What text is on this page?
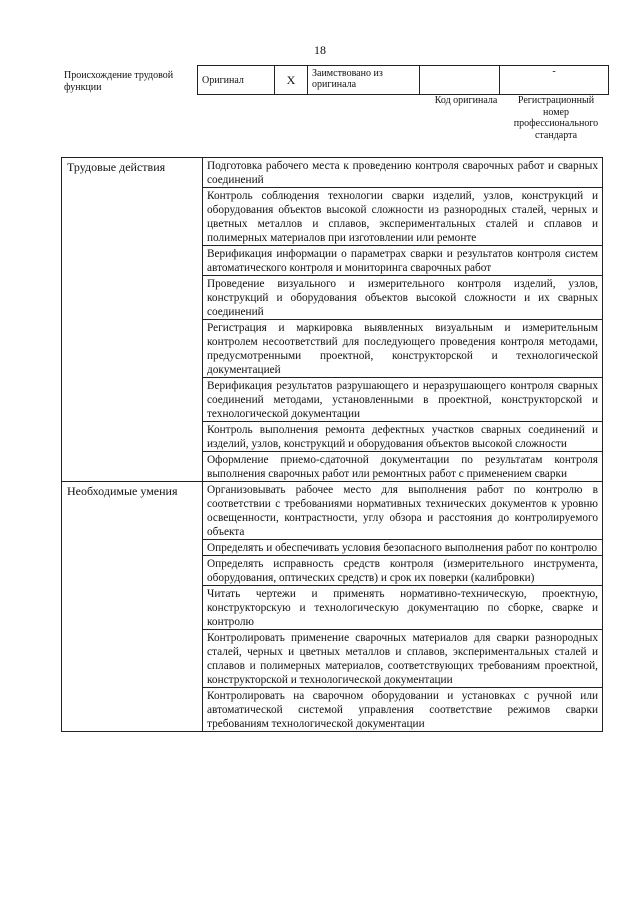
18
Происхождение трудовой функции
Оригинал	X	Заимствовано из оригинала		-
Код оригинала	Регистрационный номер профессионального стандарта
Трудовые действия	Подготовка рабочего места к проведению контроля сварочных работ и сварных соединений
	Контроль соблюдения технологии сварки изделий, узлов, конструкций и оборудования объектов высокой сложности из разнородных сталей, черных и цветных металлов и сплавов, экспериментальных сталей и сплавов и полимерных материалов при изготовлении или ремонте
	Верификация информации о параметрах сварки и результатов контроля систем автоматического контроля и мониторинга сварочных работ
	Проведение визуального и измерительного контроля изделий, узлов, конструкций и оборудования объектов высокой сложности и их сварных соединений
	Регистрация и маркировка выявленных визуальным и измерительным контролем несоответствий для последующего проведения контроля методами, предусмотренными проектной, конструкторской и технологической документацией
	Верификация результатов разрушающего и неразрушающего контроля сварных соединений методами, установленными в проектной, конструкторской и технологической документации
	Контроль выполнения ремонта дефектных участков сварных соединений и изделий, узлов, конструкций и оборудования объектов высокой сложности
	Оформление приемо-сдаточной документации по результатам контроля выполнения сварочных работ или ремонтных работ с применением сварки
Необходимые умения	Организовывать рабочее место для выполнения работ по контролю в соответствии с требованиями нормативных технических документов к уровню освещенности, контрастности, углу обзора и расстояния до контролируемого объекта
	Определять и обеспечивать условия безопасного выполнения работ по контролю
	Определять исправность средств контроля (измерительного инструмента, оборудования, оптических средств) и срок их поверки (калибровки)
	Читать чертежи и применять нормативно-техническую, проектную, конструкторскую и технологическую документацию по сборке, сварке и контролю
	Контролировать применение сварочных материалов для сварки разнородных сталей, черных и цветных металлов и сплавов, экспериментальных сталей и сплавов и полимерных материалов, соответствующих требованиям проектной, конструкторской и технологической документации
	Контролировать на сварочном оборудовании и установках с ручной или автоматической системой управления соответствие режимов сварки требованиям технологической документации
